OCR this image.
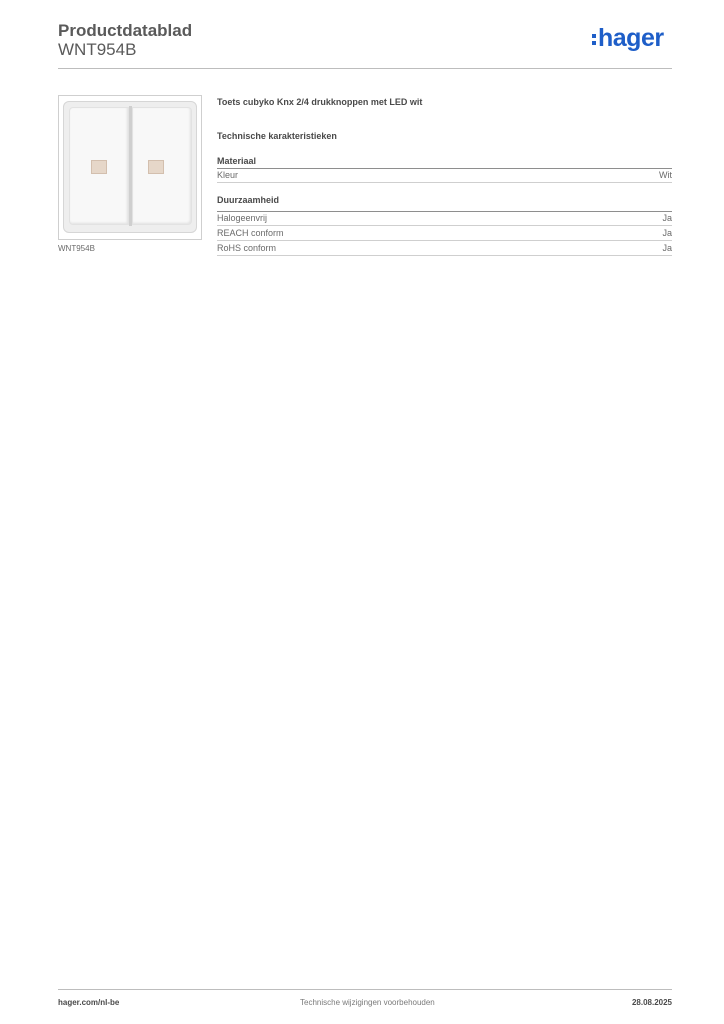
Productdatablad
WNT954B	hager
WNT954B
Toets cubyko Knx 2/4 drukknoppen met LED wit
Technische karakteristieken
Materiaal
Kleur	Wit
Duurzaamheid
Halogeenvrij	Ja
REACH conform	Ja
RoHS conform	Ja
hager.com/nl-be	Technische wijzigingen voorbehouden	28.08.2025
